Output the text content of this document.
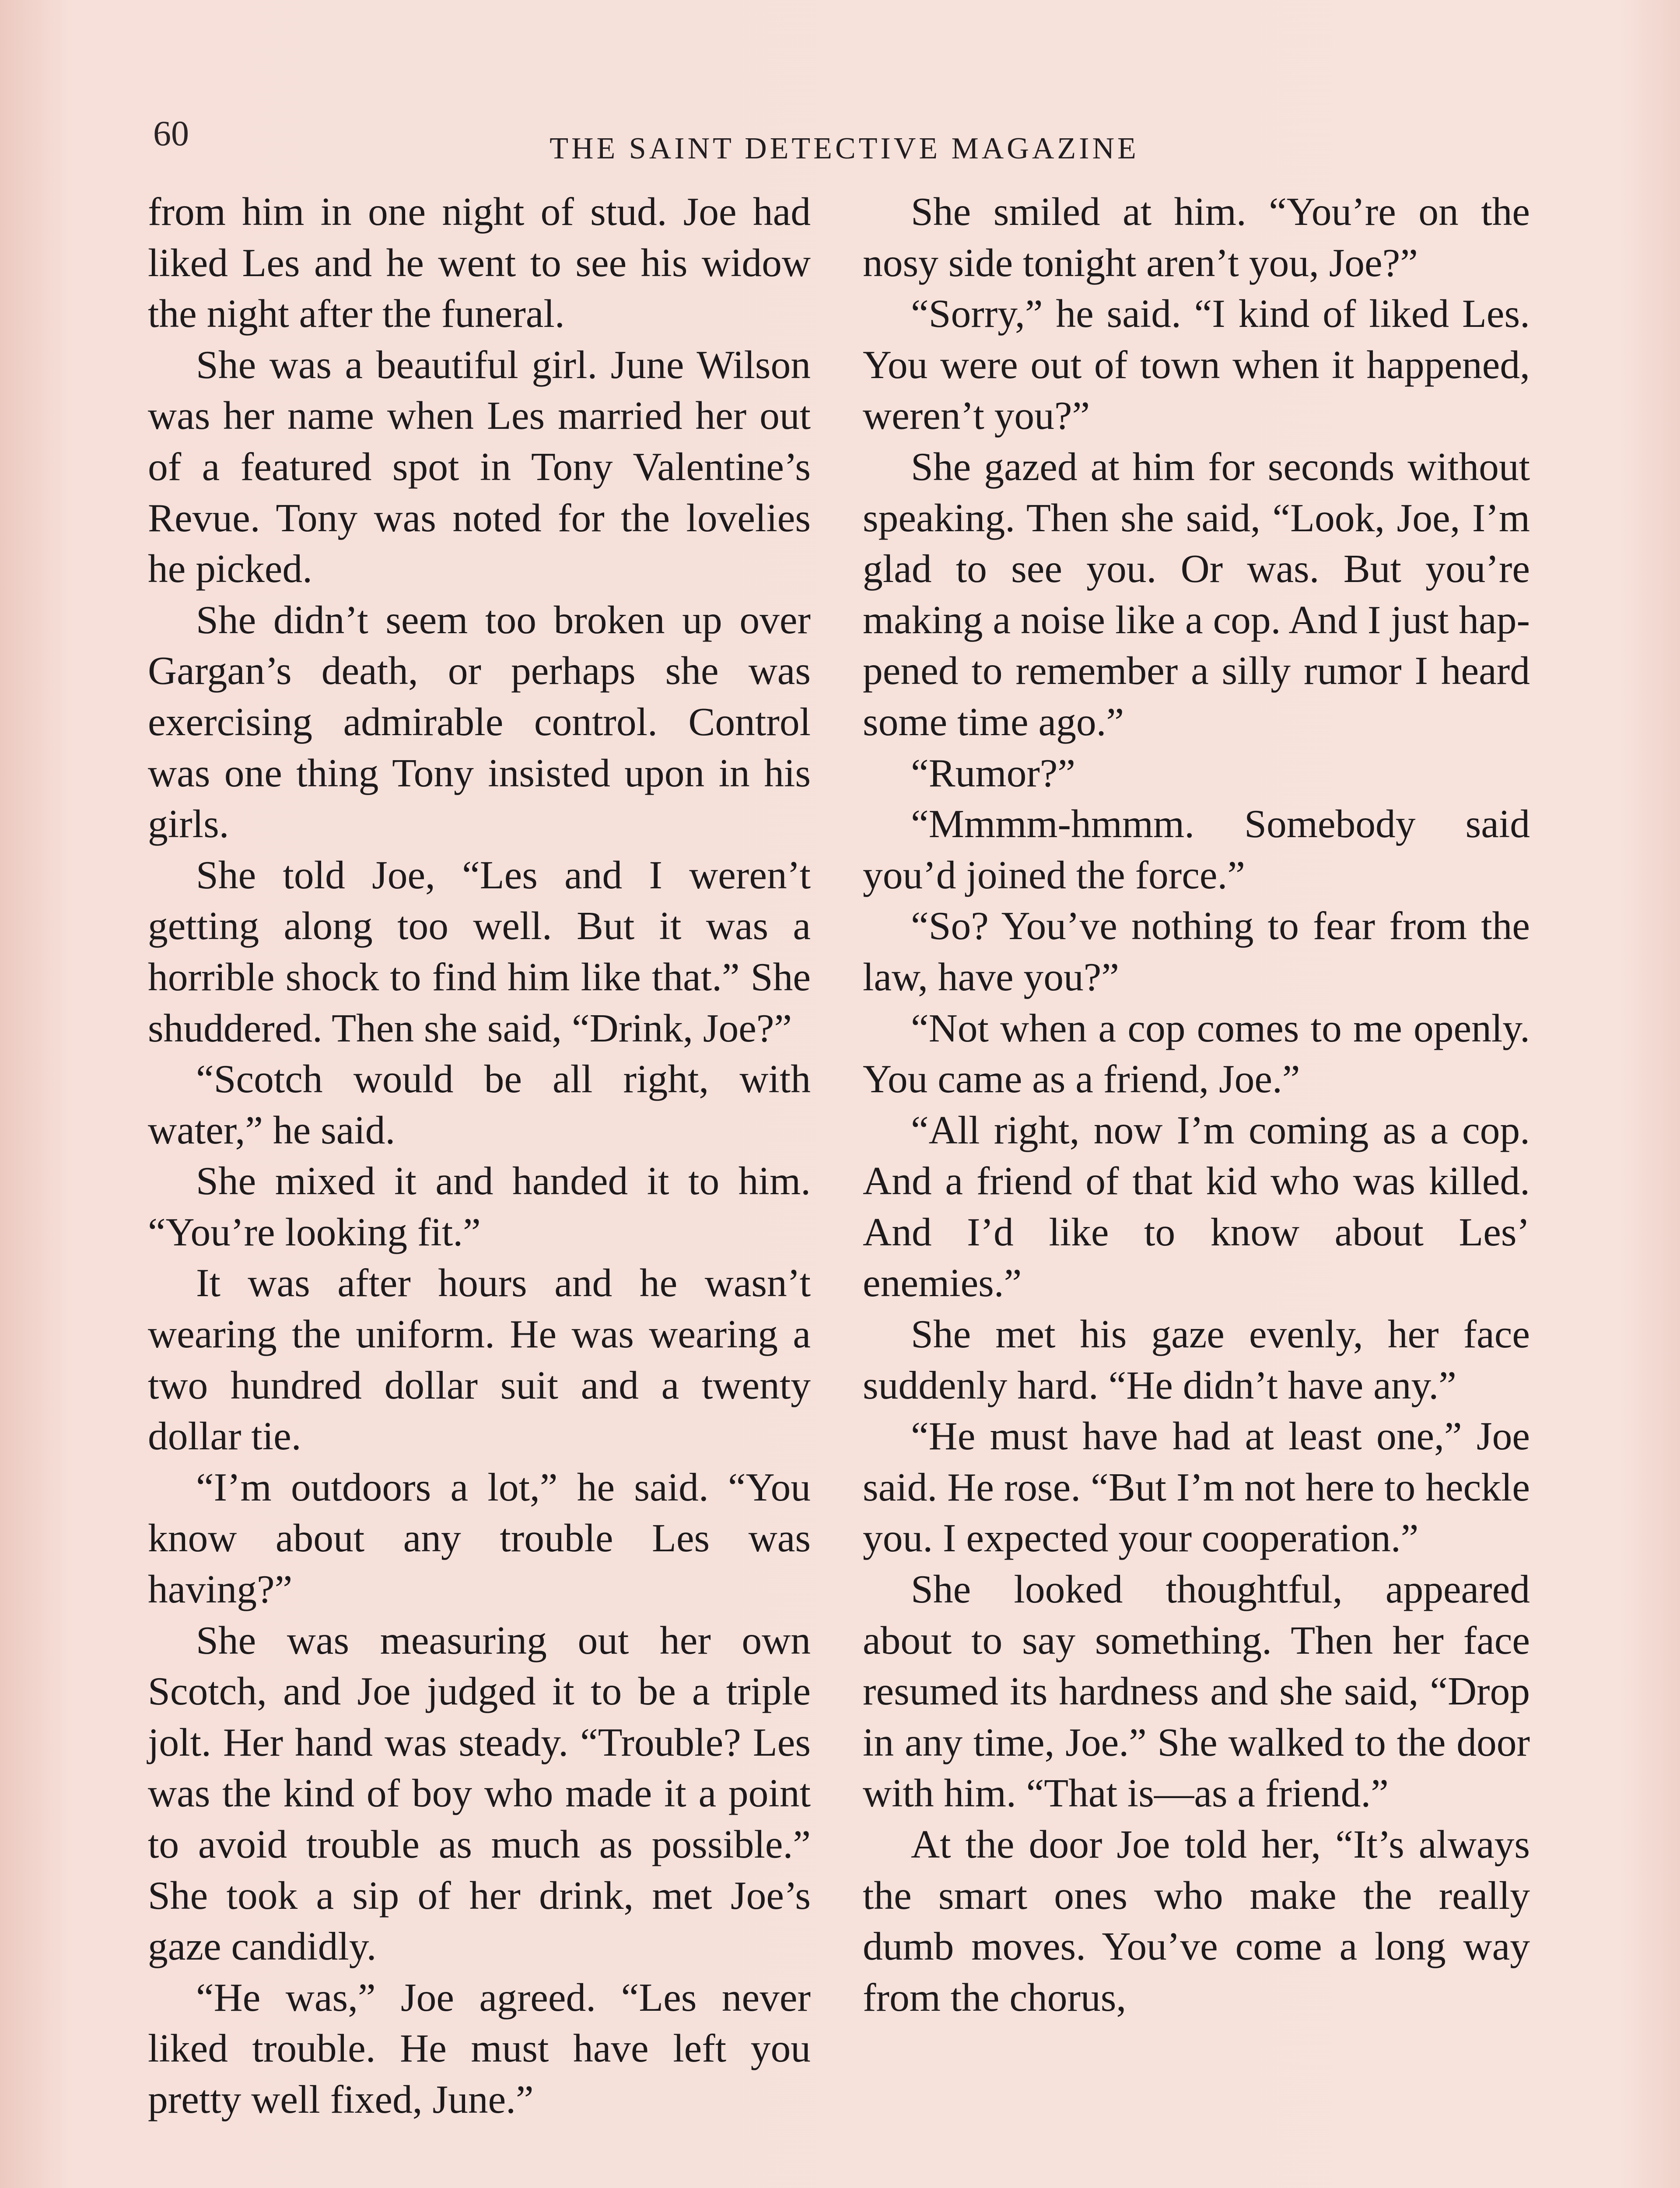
60	THE SAINT DETECTIVE MAGAZINE

from him in one night of stud. Joe had liked Les and he went to see his widow the night after the funeral.

She was a beautiful girl. June Wilson was her name when Les married her out of a featured spot in Tony Valentine’s Revue. Tony was noted for the lovelies he picked.

She didn’t seem too broken up over Gargan’s death, or perhaps she was exercising admirable control. Control was one thing Tony insisted upon in his girls.

She told Joe, “Les and I weren’t getting along too well. But it was a horrible shock to find him like that.” She shuddered. Then she said, “Drink, Joe?”

“Scotch would be all right, with water,” he said.

She mixed it and handed it to him. “You’re looking fit.”

It was after hours and he wasn’t wearing the uniform. He was wearing a two hundred dollar suit and a twenty dollar tie.

“I’m outdoors a lot,” he said. “You know about any trouble Les was having?”

She was measuring out her own Scotch, and Joe judged it to be a triple jolt. Her hand was steady. “Trouble? Les was the kind of boy who made it a point to avoid trouble as much as possible.” She took a sip of her drink, met Joe’s gaze candidly.

“He was,” Joe agreed. “Les never liked trouble. He must have left you pretty well fixed, June.”

She smiled at him. “You’re on the nosy side tonight aren’t you, Joe?”

“Sorry,” he said. “I kind of liked Les. You were out of town when it happened, weren’t you?”

She gazed at him for seconds without speaking. Then she said, “Look, Joe, I’m glad to see you. Or was. But you’re making a noise like a cop. And I just happened to remember a silly rumor I heard some time ago.”

“Rumor?”

“Mmmm-hmmm. Somebody said you’d joined the force.”

“So? You’ve nothing to fear from the law, have you?”

“Not when a cop comes to me openly. You came as a friend, Joe.”

“All right, now I’m coming as a cop. And a friend of that kid who was killed. And I’d like to know about Les’ enemies.”

She met his gaze evenly, her face suddenly hard. “He didn’t have any.”

“He must have had at least one,” Joe said. He rose. “But I’m not here to heckle you. I expected your cooperation.”

She looked thoughtful, appeared about to say something. Then her face resumed its hardness and she said, “Drop in any time, Joe.” She walked to the door with him. “That is—as a friend.”

At the door Joe told her, “It’s always the smart ones who make the really dumb moves. You’ve come a long way from the chorus,
